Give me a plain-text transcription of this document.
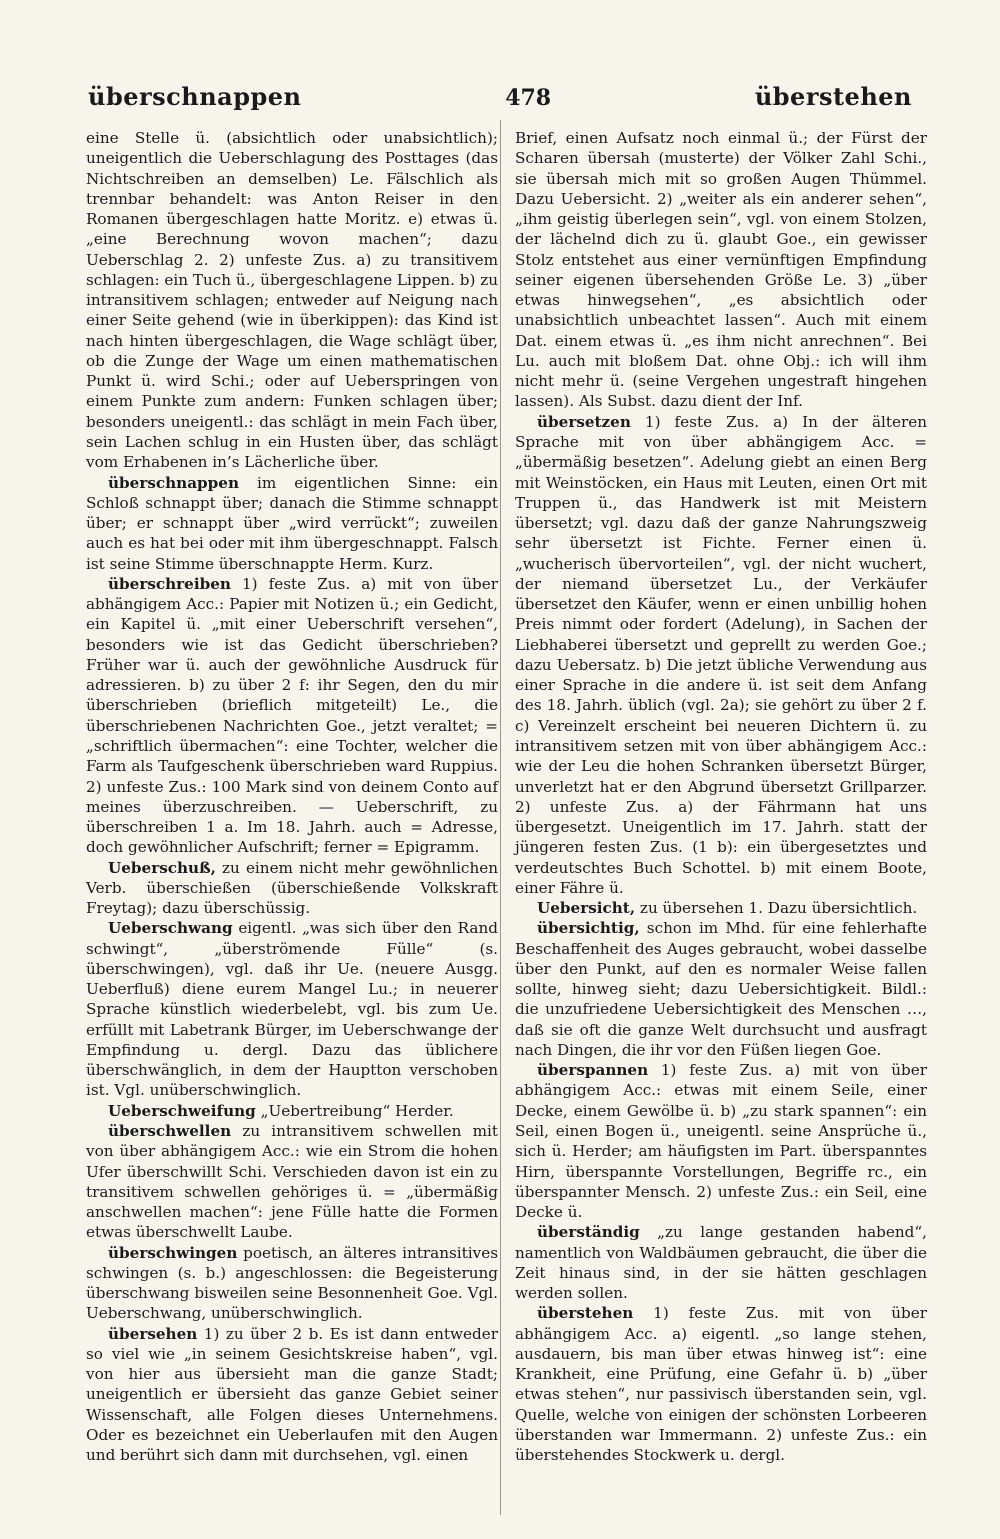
überschnappen	478	überstehen

eine Stelle ü. (absichtlich oder unabsichtlich); uneigentlich die Ueberschlagung des Posttages (das Nichtschreiben an demselben) Le. Fälschlich als trennbar behandelt: was Anton Reiser in den Romanen übergeschlagen hatte Moritz. e) etwas ü. „eine Berechnung wovon machen“; dazu Ueberschlag 2. 2) unfeste Zus. a) zu transitivem schlagen: ein Tuch ü., übergeschlagene Lippen. b) zu intransitivem schlagen; entweder auf Neigung nach einer Seite gehend (wie in überkippen): das Kind ist nach hinten übergeschlagen, die Wage schlägt über, ob die Zunge der Wage um einen mathematischen Punkt ü. wird Schi.; oder auf Ueberspringen von einem Punkte zum andern: Funken schlagen über; besonders uneigentl.: das schlägt in mein Fach über, sein Lachen schlug in ein Husten über, das schlägt vom Erhabenen in’s Lächerliche über.

überschnappen im eigentlichen Sinne: ein Schloß schnappt über; danach die Stimme schnappt über; er schnappt über „wird verrückt“; zuweilen auch es hat bei oder mit ihm übergeschnappt. Falsch ist seine Stimme überschnappte Herm. Kurz.

überschreiben 1) feste Zus. a) mit von über abhängigem Acc.: Papier mit Notizen ü.; ein Gedicht, ein Kapitel ü. „mit einer Ueberschrift versehen“, besonders wie ist das Gedicht überschrieben? Früher war ü. auch der gewöhnliche Ausdruck für adressieren. b) zu über 2 f: ihr Segen, den du mir überschrieben (brieflich mitgeteilt) Le., die überschriebenen Nachrichten Goe., jetzt veraltet; = „schriftlich übermachen“: eine Tochter, welcher die Farm als Taufgeschenk überschrieben ward Ruppius. 2) unfeste Zus.: 100 Mark sind von deinem Conto auf meines überzuschreiben. — Ueberschrift, zu überschreiben 1 a. Im 18. Jahrh. auch = Adresse, doch gewöhnlicher Aufschrift; ferner = Epigramm.

Ueberschuß, zu einem nicht mehr gewöhnlichen Verb. überschießen (überschießende Volkskraft Freytag); dazu überschüssig.

Ueberschwang eigentl. „was sich über den Rand schwingt“, „überströmende Fülle“ (s. überschwingen), vgl. daß ihr Ue. (neuere Ausgg. Ueberfluß) diene eurem Mangel Lu.; in neuerer Sprache künstlich wiederbelebt, vgl. bis zum Ue. erfüllt mit Labetrank Bürger, im Ueberschwange der Empfindung u. dergl. Dazu das üblichere überschwänglich, in dem der Hauptton verschoben ist. Vgl. unüberschwinglich.

Ueberschweifung „Uebertreibung“ Herder.

überschwellen zu intransitivem schwellen mit von über abhängigem Acc.: wie ein Strom die hohen Ufer überschwillt Schi. Verschieden davon ist ein zu transitivem schwellen gehöriges ü. = „übermäßig anschwellen machen“: jene Fülle hatte die Formen etwas überschwellt Laube.

überschwingen poetisch, an älteres intransitives schwingen (s. b.) angeschlossen: die Begeisterung überschwang bisweilen seine Besonnenheit Goe. Vgl. Ueberschwang, unüberschwinglich.

übersehen 1) zu über 2 b. Es ist dann entweder so viel wie „in seinem Gesichtskreise haben“, vgl. von hier aus übersieht man die ganze Stadt; uneigentlich er übersieht das ganze Gebiet seiner Wissenschaft, alle Folgen dieses Unternehmens. Oder es bezeichnet ein Ueberlaufen mit den Augen und berührt sich dann mit durchsehen, vgl. einen

Brief, einen Aufsatz noch einmal ü.; der Fürst der Scharen übersah (musterte) der Völker Zahl Schi., sie übersah mich mit so großen Augen Thümmel. Dazu Uebersicht. 2) „weiter als ein anderer sehen“, „ihm geistig überlegen sein“, vgl. von einem Stolzen, der lächelnd dich zu ü. glaubt Goe., ein gewisser Stolz entstehet aus einer vernünftigen Empfindung seiner eigenen übersehenden Größe Le. 3) „über etwas hinwegsehen“, „es absichtlich oder unabsichtlich unbeachtet lassen“. Auch mit einem Dat. einem etwas ü. „es ihm nicht anrechnen“. Bei Lu. auch mit bloßem Dat. ohne Obj.: ich will ihm nicht mehr ü. (seine Vergehen ungestraft hingehen lassen). Als Subst. dazu dient der Inf.

übersetzen 1) feste Zus. a) In der älteren Sprache mit von über abhängigem Acc. = „übermäßig besetzen“. Adelung giebt an einen Berg mit Weinstöcken, ein Haus mit Leuten, einen Ort mit Truppen ü., das Handwerk ist mit Meistern übersetzt; vgl. dazu daß der ganze Nahrungszweig sehr übersetzt ist Fichte. Ferner einen ü. „wucherisch übervorteilen“, vgl. der nicht wuchert, der niemand übersetzet Lu., der Verkäufer übersetzet den Käufer, wenn er einen unbillig hohen Preis nimmt oder fordert (Adelung), in Sachen der Liebhaberei übersetzt und geprellt zu werden Goe.; dazu Uebersatz. b) Die jetzt übliche Verwendung aus einer Sprache in die andere ü. ist seit dem Anfang des 18. Jahrh. üblich (vgl. 2a); sie gehört zu über 2 f. c) Vereinzelt erscheint bei neueren Dichtern ü. zu intransitivem setzen mit von über abhängigem Acc.: wie der Leu die hohen Schranken übersetzt Bürger, unverletzt hat er den Abgrund übersetzt Grillparzer. 2) unfeste Zus. a) der Fährmann hat uns übergesetzt. Uneigentlich im 17. Jahrh. statt der jüngeren festen Zus. (1 b): ein übergesetztes und verdeutschtes Buch Schottel. b) mit einem Boote, einer Fähre ü.

Uebersicht, zu übersehen 1. Dazu übersichtlich.

übersichtig, schon im Mhd. für eine fehlerhafte Beschaffenheit des Auges gebraucht, wobei dasselbe über den Punkt, auf den es normaler Weise fallen sollte, hinweg sieht; dazu Uebersichtigkeit. Bildl.: die unzufriedene Uebersichtigkeit des Menschen …, daß sie oft die ganze Welt durchsucht und ausfragt nach Dingen, die ihr vor den Füßen liegen Goe.

überspannen 1) feste Zus. a) mit von über abhängigem Acc.: etwas mit einem Seile, einer Decke, einem Gewölbe ü. b) „zu stark spannen“: ein Seil, einen Bogen ü., uneigentl. seine Ansprüche ü., sich ü. Herder; am häufigsten im Part. überspanntes Hirn, überspannte Vorstellungen, Begriffe rc., ein überspannter Mensch. 2) unfeste Zus.: ein Seil, eine Decke ü.

überständig „zu lange gestanden habend“, namentlich von Waldbäumen gebraucht, die über die Zeit hinaus sind, in der sie hätten geschlagen werden sollen.

überstehen 1) feste Zus. mit von über abhängigem Acc. a) eigentl. „so lange stehen, ausdauern, bis man über etwas hinweg ist“: eine Krankheit, eine Prüfung, eine Gefahr ü. b) „über etwas stehen“, nur passivisch überstanden sein, vgl. Quelle, welche von einigen der schönsten Lorbeeren überstanden war Immermann. 2) unfeste Zus.: ein überstehendes Stockwerk u. dergl.
